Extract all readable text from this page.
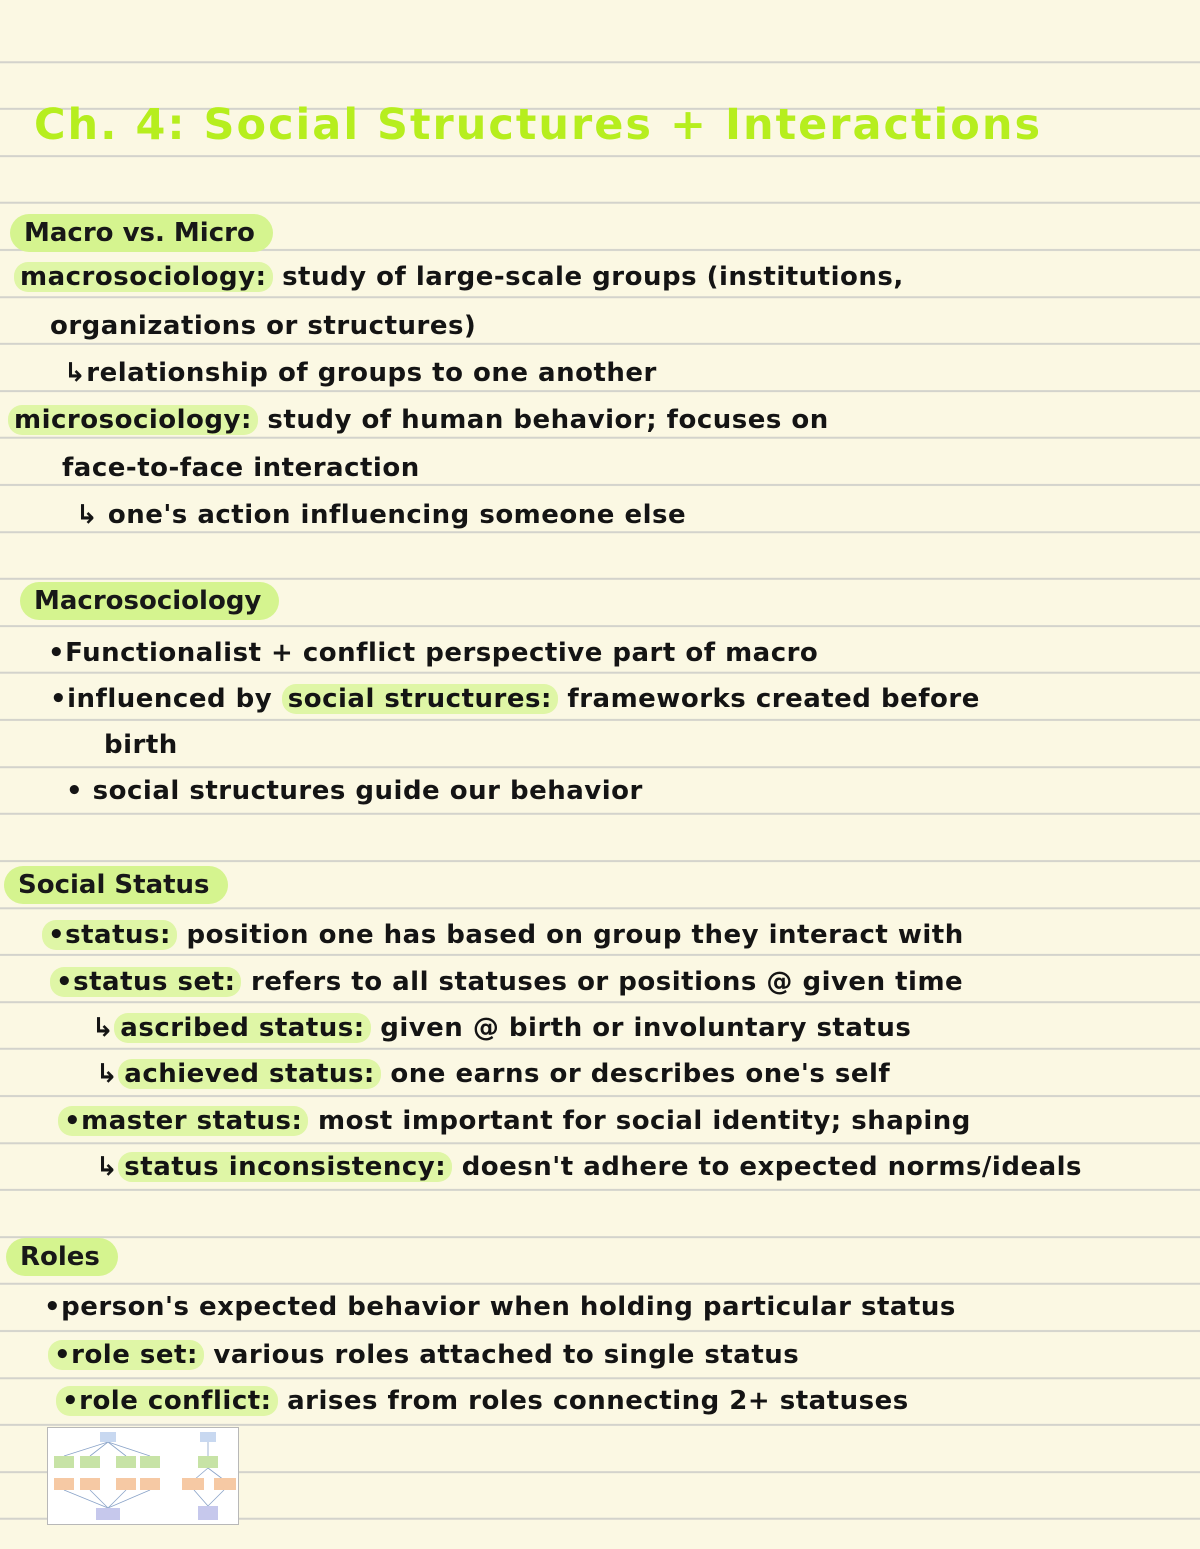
Ch. 4: Social Structures + Interactions
Macro vs. Micro
macrosociology: study of large-scale groups (institutions,
organizations or structures)
↳relationship of groups to one another
microsociology: study of human behavior; focuses on
face-to-face interaction
↳ one's action influencing someone else
Macrosociology
•Functionalist + conflict perspective part of macro
•influenced by social structures: frameworks created before
birth
• social structures guide our behavior
Social Status
•status: position one has based on group they interact with
•status set: refers to all statuses or positions @ given time
↳ ascribed status: given @ birth or involuntary status
↳ achieved status: one earns or describes one's self
•master status: most important for social identity; shaping
↳ status inconsistency: doesn't adhere to expected norms/ideals
Roles
•person's expected behavior when holding particular status
•role set: various roles attached to single status
•role conflict: arises from roles connecting 2+ statuses
